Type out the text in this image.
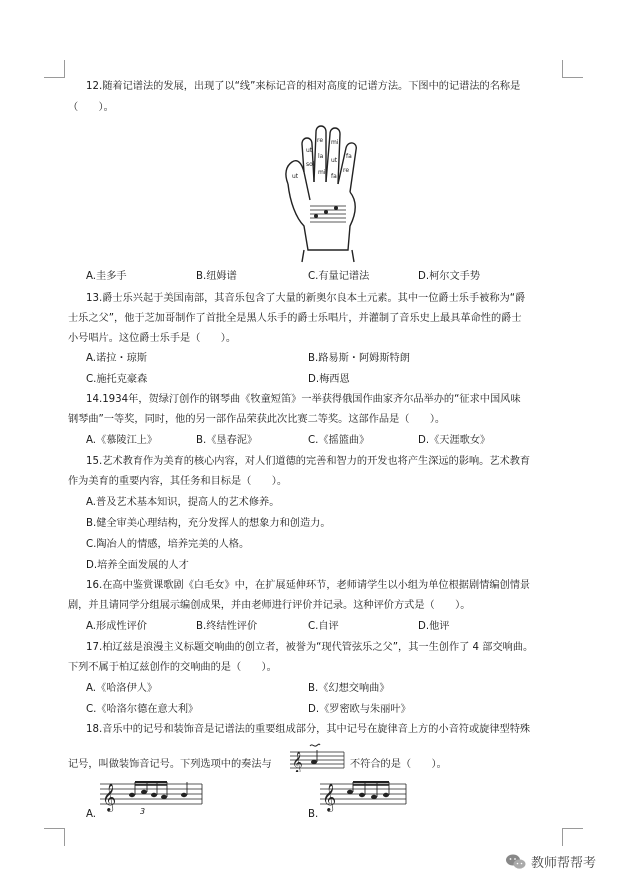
12.随着记谱法的发展，出现了以“线”来标记音的相对高度的记谱方法。下图中的记谱法的名称是
（　　）。
ut
re mi
fa
sol
la
ut
re
mi
fa
ut
A.圭多手	B.纽姆谱	C.有量记谱法	D.柯尔文手势
13.爵士乐兴起于美国南部，其音乐包含了大量的新奥尔良本土元素。其中一位爵士乐手被称为“爵
士乐之父”，他于芝加哥制作了首批全是黑人乐手的爵士乐唱片，并灌制了音乐史上最具革命性的爵士
小号唱片。这位爵士乐手是（　　）。
A.诺拉・琼斯	B.路易斯・阿姆斯特朗
C.施托克豪森	D.梅西恩
14.1934年，贺绿汀创作的钢琴曲《牧童短笛》一举获得俄国作曲家齐尔品举办的“征求中国风味
钢琴曲”一等奖，同时，他的另一部作品荣获此次比赛二等奖。这部作品是（　　）。
A.《慕陵江上》	B.《垦春泥》	C.《摇篮曲》	D.《天涯歌女》
15.艺术教育作为美育的核心内容，对人们道德的完善和智力的开发也将产生深远的影响。艺术教育
作为美育的重要内容，其任务和目标是（　　）。
A.普及艺术基本知识，提高人的艺术修养。
B.健全审美心理结构，充分发挥人的想象力和创造力。
C.陶冶人的情感，培养完美的人格。
D.培养全面发展的人才
16.在高中鉴赏课歌剧《白毛女》中，在扩展延伸环节，老师请学生以小组为单位根据剧情编创情景
剧，并且请同学分组展示编创成果，并由老师进行评价并记录。这种评价方式是（　　）。
A.形成性评价	B.终结性评价	C.自评	D.他评
17.柏辽兹是浪漫主义标题交响曲的创立者，被誉为“现代管弦乐之父”，其一生创作了 4 部交响曲。
下列不属于柏辽兹创作的交响曲的是（　　）。
A.《哈洛伊人》	B.《幻想交响曲》
C.《哈洛尔德在意大利》	D.《罗密欧与朱丽叶》
18.音乐中的记号和装饰音是记谱法的重要组成部分，其中记号在旋律音上方的小音符或旋律型特殊
记号，叫做装饰音记号。下列选项中的奏法与 𝄞	不符合的是（　　）。
A.
𝄞
3	B.
𝄞
教师帮帮考
